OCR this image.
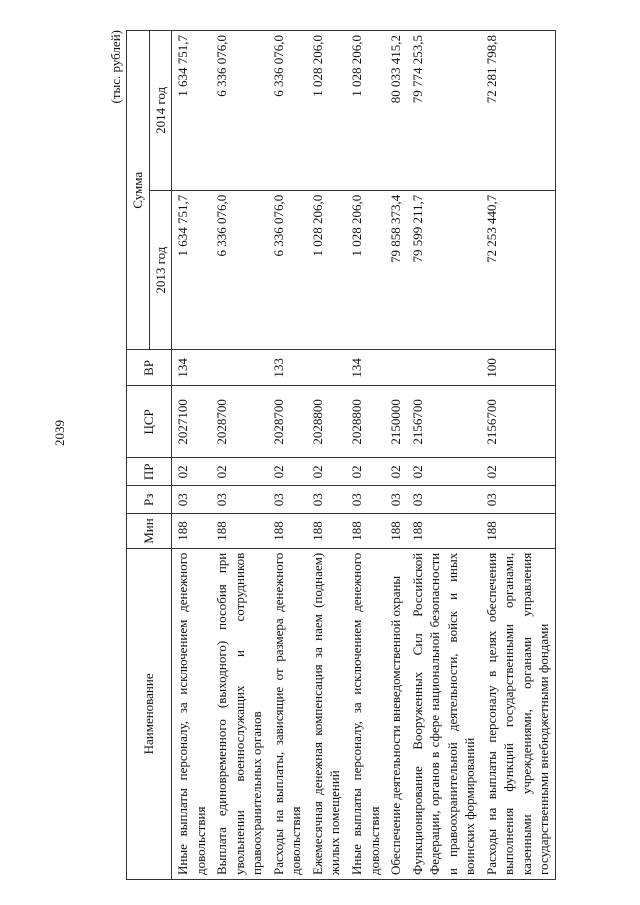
2039
(тыс. рублей)
Наименование	Мин	Рз	ПР	ЦСР	ВР	Сумма	
						2013 год	2014 год
Иные выплаты персоналу, за исключением денежного довольствия	188	03	02	2027100	134	1 634 751,7	1 634 751,7
Выплата единовременного (выходного) пособия при увольнении военнослужащих и сотрудников правоохранительных органов	188	03	02	2028700		6 336 076,0	6 336 076,0
Расходы на выплаты, зависящие от размера денежного довольствия	188	03	02	2028700	133	6 336 076,0	6 336 076,0
Ежемесячная денежная компенсация за наем (поднаем) жилых помещений	188	03	02	2028800		1 028 206,0	1 028 206,0
Иные выплаты персоналу, за исключением денежного довольствия	188	03	02	2028800	134	1 028 206,0	1 028 206,0
Обеспечение деятельности вневедомственной охраны	188	03	02	2150000		79 858 373,4	80 033 415,2
Функционирование Вооруженных Сил Российской Федерации, органов в сфере национальной безопасности и правоохранительной деятельности, войск и иных воинских формирований	188	03	02	2156700		79 599 211,7	79 774 253,5
Расходы на выплаты персоналу в целях обеспечения выполнения функций государственными органами, казенными учреждениями, органами управления государственными внебюджетными фондами	188	03	02	2156700	100	72 253 440,7	72 281 798,8
